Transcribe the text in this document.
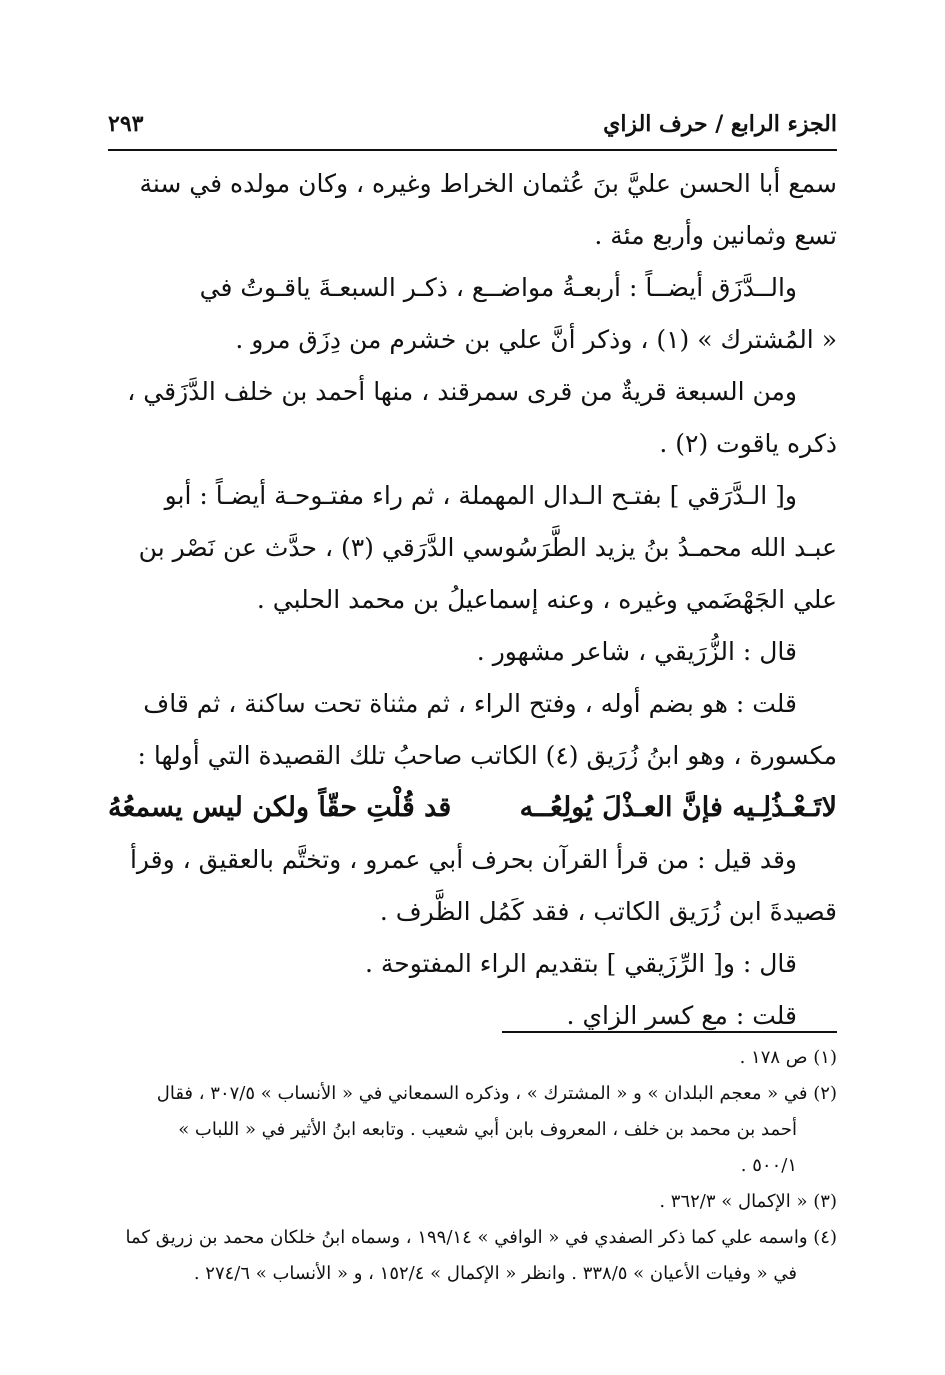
الجزء الرابع / حرف الزاي
٢٩٣

سمع أبا الحسن عليَّ بنَ عُثمان الخراط وغيره ، وكان مولده في سنة

تسع وثمانين وأربع مئة .

والــدَّزَق أيضــاً : أربعـةُ مواضــع ، ذكـر السبعـةَ ياقـوتُ في

« المُشترك » (١) ، وذكر أنَّ علي بن خشرم من دِزَق مرو .

ومن السبعة قريةٌ من قرى سمرقند ، منها أحمد بن خلف الدَّزَقي ،

ذكره ياقوت (٢) .

و[ الـدَّرَقي ] بفتـح الـدال المهملة ، ثم راء مفتـوحـة أيضـاً : أبو

عبـد الله محمـدُ بنُ يزيد الطَّرَسُوسي الدَّرَقي (٣) ، حدَّث عن نَصْر بن

علي الجَهْضَمي وغيره ، وعنه إسماعيلُ بن محمد الحلبي .

قال : الزُّرَيقي ، شاعر مشهور .

قلت : هو بضم أوله ، وفتح الراء ، ثم مثناة تحت ساكنة ، ثم قاف

مكسورة ، وهو ابنُ زُرَيق (٤) الكاتب صاحبُ تلك القصيدة التي أولها :

لاتَـعْـذُلِـيه فإنَّ العـذْلَ يُولِعُــه
قد قُلْتِ حقّاً ولكن ليس يسمعُهُ

وقد قيل : من قرأ القرآن بحرف أبي عمرو ، وتختَّم بالعقيق ، وقرأ

قصيدةَ ابن زُرَيق الكاتب ، فقد كَمُل الظَّرف .

قال : و[ الرِّزَيقي ] بتقديم الراء المفتوحة .

قلت : مع كسر الزاي .

(١) ص ١٧٨ .

(٢) في « معجم البلدان » و « المشترك » ، وذكره السمعاني في « الأنساب » ٣٠٧/٥ ، فقال

أحمد بن محمد بن خلف ، المعروف بابن أبي شعيب . وتابعه ابنُ الأثير في « اللباب »

٥٠٠/١ .

(٣) « الإكمال » ٣٦٢/٣ .

(٤) واسمه علي كما ذكر الصفدي في « الوافي » ١٩٩/١٤ ، وسماه ابنُ خلكان محمد بن زريق كما

في « وفيات الأعيان » ٣٣٨/٥ . وانظر « الإكمال » ١٥٢/٤ ، و « الأنساب » ٢٧٤/٦ .
